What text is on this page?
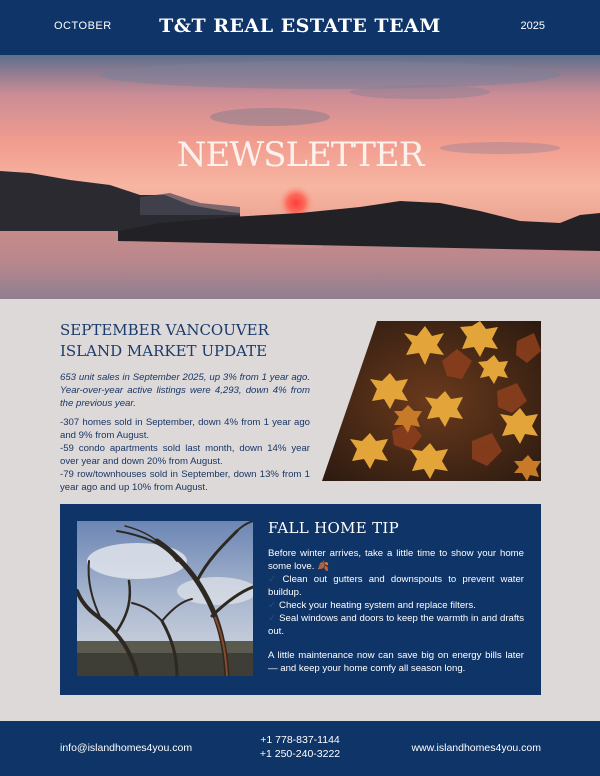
OCTOBER	T&T REAL ESTATE TEAM	2025
NEWSLETTER
SEPTEMBER VANCOUVER ISLAND MARKET UPDATE
653 unit sales in September 2025, up 3% from 1 year ago. Year-over-year active listings were 4,293, down 4% from the previous year.
-307 homes sold in September, down 4% from 1 year ago and 9% from August.
-59 condo apartments sold last month, down 14% year over year and down 20% from August.
-79 row/townhouses sold in September, down 13% from 1 year ago and up 10% from August.
FALL HOME TIP
Before winter arrives, take a little time to show your home some love. 🍂
✓ Clean out gutters and downspouts to prevent water buildup.
✓ Check your heating system and replace filters.
✓ Seal windows and doors to keep the warmth in and drafts out.
A little maintenance now can save big on energy bills later — and keep your home comfy all season long.
info@islandhomes4you.com
+1 778-837-1144
+1 250-240-3222	www.islandhomes4you.com
